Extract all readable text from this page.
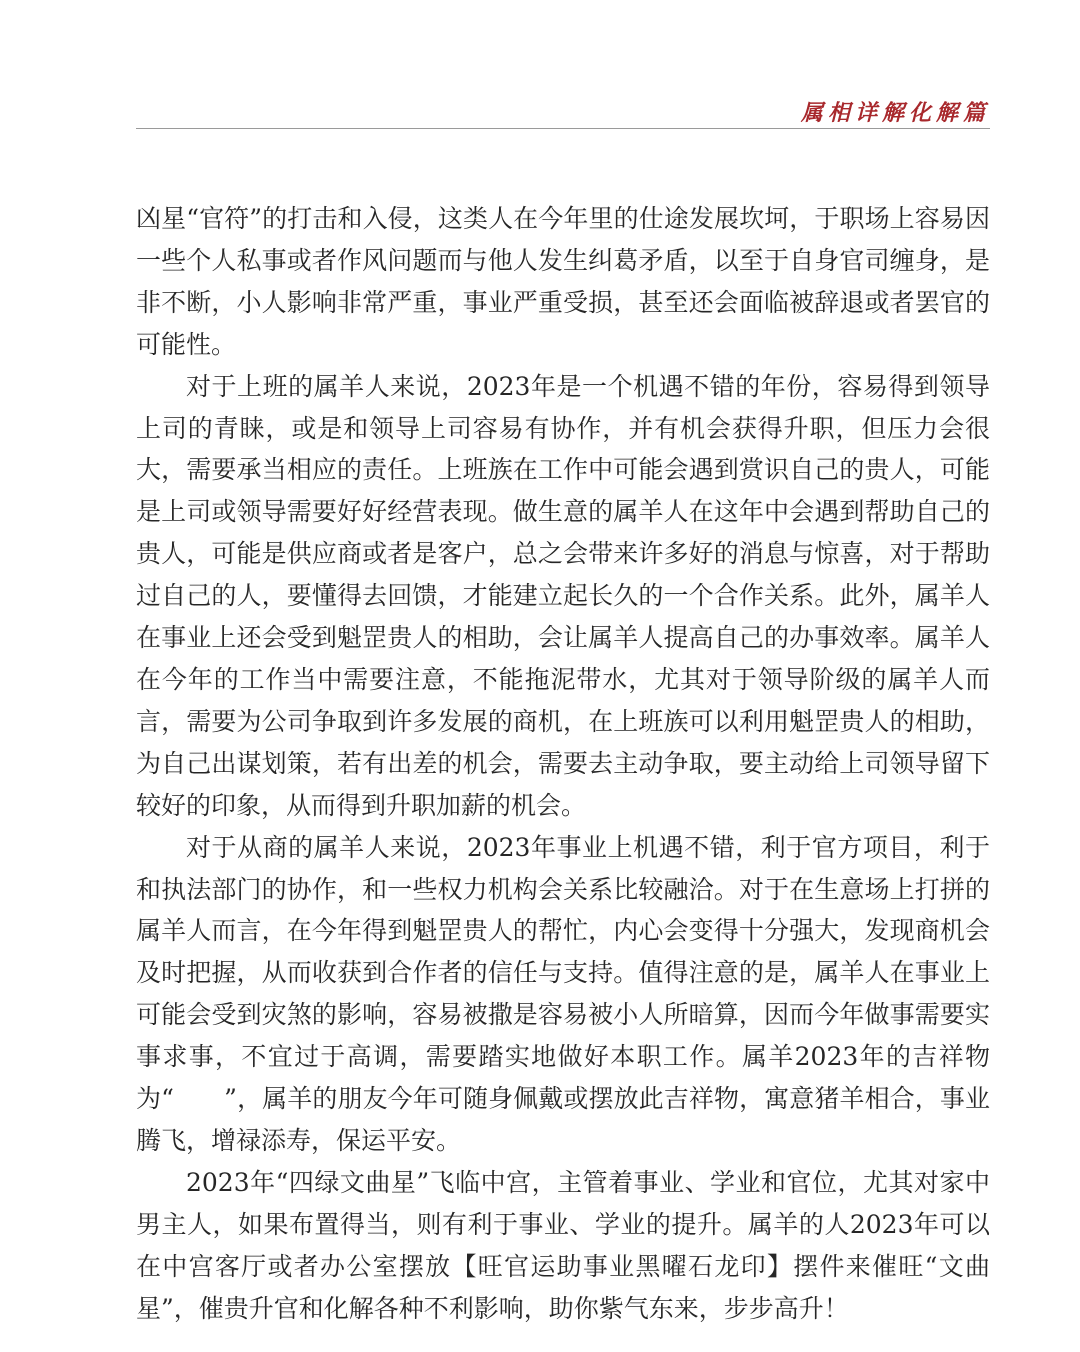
属相详解化解篇

凶星“官符”的打击和入侵，这类人在今年里的仕途发展坎坷，于职场上容易因一些个人私事或者作风问题而与他人发生纠葛矛盾，以至于自身官司缠身，是非不断，小人影响非常严重，事业严重受损，甚至还会面临被辞退或者罢官的可能性。

对于上班的属羊人来说，2023年是一个机遇不错的年份，容易得到领导上司的青睐，或是和领导上司容易有协作，并有机会获得升职，但压力会很大，需要承当相应的责任。上班族在工作中可能会遇到赏识自己的贵人，可能是上司或领导需要好好经营表现。做生意的属羊人在这年中会遇到帮助自己的贵人，可能是供应商或者是客户，总之会带来许多好的消息与惊喜，对于帮助过自己的人，要懂得去回馈，才能建立起长久的一个合作关系。此外，属羊人在事业上还会受到魁罡贵人的相助，会让属羊人提高自己的办事效率。属羊人在今年的工作当中需要注意，不能拖泥带水，尤其对于领导阶级的属羊人而言，需要为公司争取到许多发展的商机，在上班族可以利用魁罡贵人的相助，为自己出谋划策，若有出差的机会，需要去主动争取，要主动给上司领导留下较好的印象，从而得到升职加薪的机会。

对于从商的属羊人来说，2023年事业上机遇不错，利于官方项目，利于和执法部门的协作，和一些权力机构会关系比较融洽。对于在生意场上打拼的属羊人而言，在今年得到魁罡贵人的帮忙，内心会变得十分强大，发现商机会及时把握，从而收获到合作者的信任与支持。值得注意的是，属羊人在事业上可能会受到灾煞的影响，容易被撒是容易被小人所暗算，因而今年做事需要实事求事，不宜过于高调，需要踏实地做好本职工作。属羊2023年的吉祥物为“　　”，属羊的朋友今年可随身佩戴或摆放此吉祥物，寓意猪羊相合，事业腾飞，增禄添寿，保运平安。

2023年“四绿文曲星”飞临中宫，主管着事业、学业和官位，尤其对家中男主人，如果布置得当，则有利于事业、学业的提升。属羊的人2023年可以在中宫客厅或者办公室摆放【旺官运助事业黑曜石龙印】摆件来催旺“文曲星”，催贵升官和化解各种不利影响，助你紫气东来，步步高升！
